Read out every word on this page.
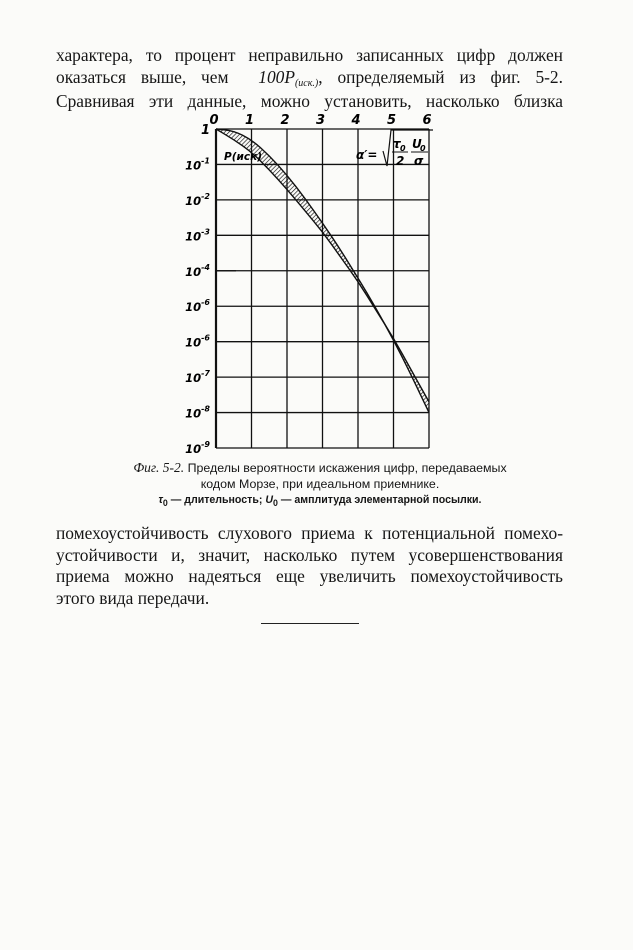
характера, то процент неправильно записанных цифр должен
оказаться выше, чем 100P(иск.), определяемый из фиг. 5-2.
Сравнивая эти данные, можно установить, насколько близка
0 1 2 3 4 5 6
1
$10^{-1}$
$10^{-2}$
$10^{-3}$
$10^{-4}$
$10^{-6}$
$10^{-6}$
$10^{-7}$
$10^{-8}$
$10^{-9}$
P(иск)	α′=
τ 0
2
U
0
σ
Фиг. 5-2. Пределы вероятности искажения цифр, передаваемых
кодом Морзе, при идеальном приемнике.
$\tau_0$ — длительность; $U_0$ — амплитуда элементарной посылки.
помехоустойчивость слухового приема к потенциальной помехо-
устойчивости и, значит, насколько путем усовершенствования
приема можно надеяться еще увеличить помехоустойчивость
этого вида передачи.
